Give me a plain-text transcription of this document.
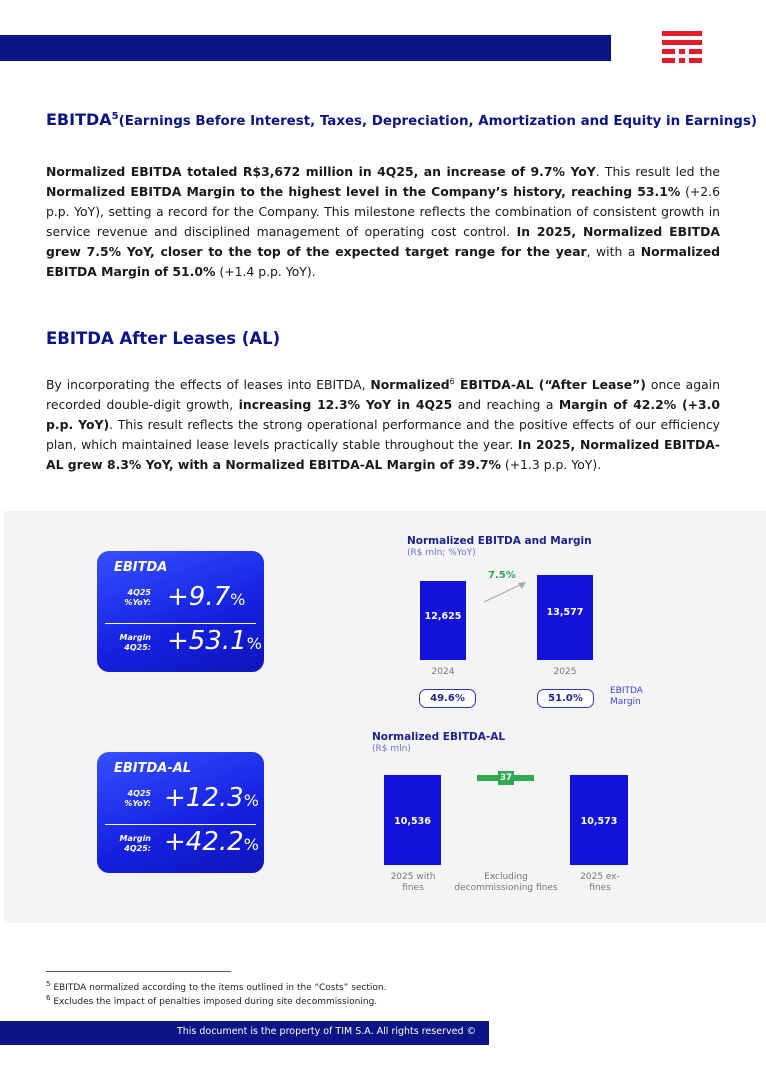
EBITDA$^5$(Earnings Before Interest, Taxes, Depreciation, Amortization and Equity in Earnings)

Normalized EBITDA totaled R$3,672 million in 4Q25, an increase of 9.7% YoY. This result led the Normalized EBITDA Margin to the highest level in the Company’s history, reaching 53.1% (+2.6 p.p. YoY), setting a record for the Company. This milestone reflects the combination of consistent growth in service revenue and disciplined management of operating cost control. In 2025, Normalized EBITDA grew 7.5% YoY, closer to the top of the expected target range for the year, with a Normalized EBITDA Margin of 51.0% (+1.4 p.p. YoY).

EBITDA After Leases (AL)

By incorporating the effects of leases into EBITDA, Normalized$^6$ EBITDA-AL (“After Lease”) once again recorded double-digit growth, increasing 12.3% YoY in 4Q25 and reaching a Margin of 42.2% (+3.0 p.p. YoY). This result reflects the strong operational performance and the positive effects of our efficiency plan, which maintained lease levels practically stable throughout the year. In 2025, Normalized EBITDA-AL grew 8.3% YoY, with a Normalized EBITDA-AL Margin of 39.7% (+1.3 p.p. YoY).

EBITDA
4Q25
%YoY: +9.7%
Margin
4Q25: +53.1%
EBITDA-AL
4Q25
%YoY: +12.3%
Margin
4Q25: +42.2%
Normalized EBITDA and Margin
(R$ mln; %YoY)
7.5%
12,625	13,577
2024	2025
49.6%	51.0%
EBITDA Margin
Normalized EBITDA-AL
(R$ mln)
37
10,536	10,573
2025 with fines
Excluding decommissioning fines
2025 ex-fines
$^5$ EBITDA normalized according to the items outlined in the “Costs” section.
$^6$ Excludes the impact of penalties imposed during site decommissioning.
This document is the property of TIM S.A. All rights reserved ©
